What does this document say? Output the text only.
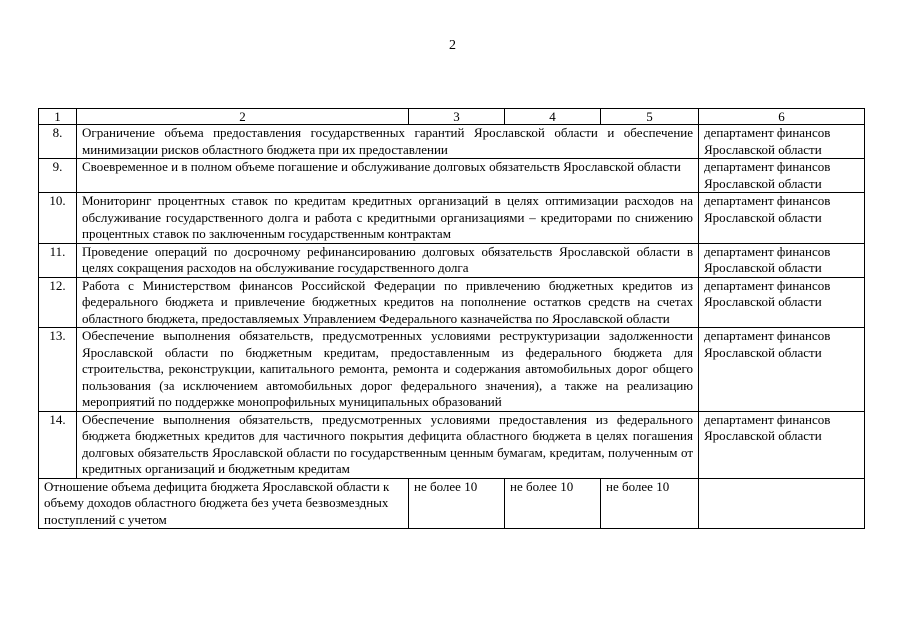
2
1	2	3	4	5	6
8.	Ограничение объема предоставления государственных гарантий Ярославской области и обеспечение минимизации рисков областного бюджета при их предоставлении				департамент финансов Ярославской области
9.	Своевременное и в полном объеме погашение и обслуживание долговых обязательств Ярославской области				департамент финансов Ярославской области
10.	Мониторинг процентных ставок по кредитам кредитных организаций в целях оптимизации расходов на обслуживание государственного долга и работа с кредитными организациями – кредиторами по снижению процентных ставок по заключенным государственным контрактам				департамент финансов Ярославской области
11.	Проведение операций по досрочному рефинансированию долговых обязательств Ярославской области в целях сокращения расходов на обслуживание государственного долга				департамент финансов Ярославской области
12.	Работа с Министерством финансов Российской Федерации по привлечению бюджетных кредитов из федерального бюджета и привлечение бюджетных кредитов на пополнение остатков средств на счетах областного бюджета, предоставляемых Управлением Федерального казначейства по Ярославской области				департамент финансов Ярославской области
13.	Обеспечение выполнения обязательств, предусмотренных условиями реструктуризации задолженности Ярославской области по бюджетным кредитам, предоставленным из федерального бюджета для строительства, реконструкции, капитального ремонта, ремонта и содержания автомобильных дорог общего пользования (за исключением автомобильных дорог федерального значения), а также на реализацию мероприятий по поддержке монопрофильных муниципальных образований				департамент финансов Ярославской области
14.	Обеспечение выполнения обязательств, предусмотренных условиями предоставления из федерального бюджета бюджетных кредитов для частичного покрытия дефицита областного бюджета в целях погашения долговых обязательств Ярославской области по государственным ценным бумагам, кредитам, полученным от кредитных организаций и бюджетным кредитам				департамент финансов Ярославской области
Отношение объема дефицита бюджета Ярославской области к объему доходов областного бюджета без учета безвозмездных поступлений с учетом		не более 10	не более 10	не более 10	
